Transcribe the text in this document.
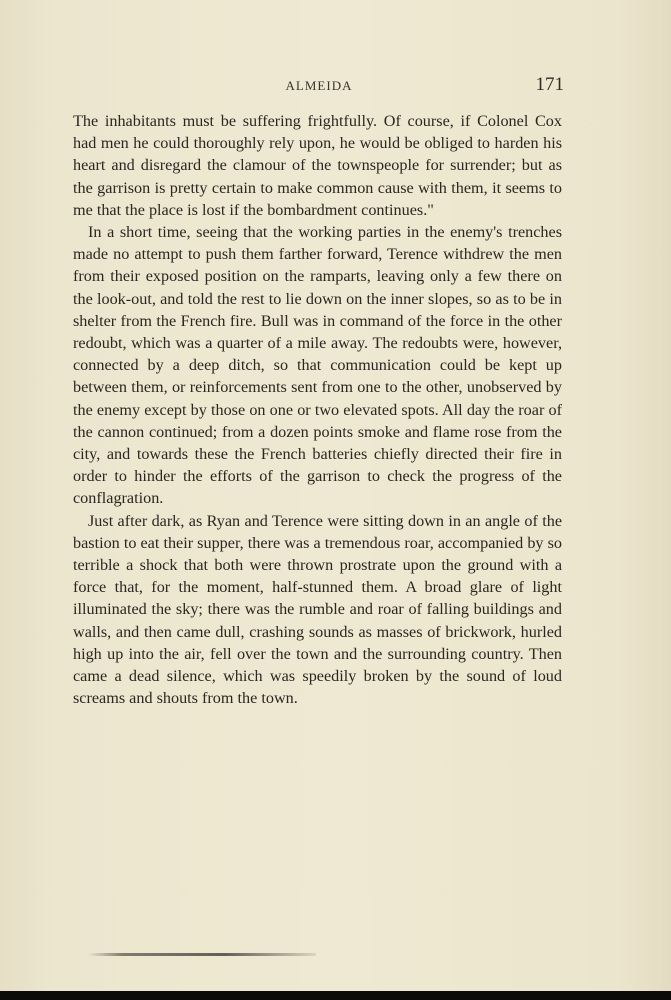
ALMEIDA	171

The inhabitants must be suffering frightfully. Of course, if Colonel Cox had men he could thoroughly rely upon, he would be obliged to harden his heart and disregard the clamour of the townspeople for surrender; but as the garrison is pretty certain to make common cause with them, it seems to me that the place is lost if the bombardment continues."

In a short time, seeing that the working parties in the enemy's trenches made no attempt to push them farther forward, Terence withdrew the men from their exposed position on the ramparts, leaving only a few there on the look-out, and told the rest to lie down on the inner slopes, so as to be in shelter from the French fire. Bull was in command of the force in the other redoubt, which was a quarter of a mile away. The redoubts were, however, connected by a deep ditch, so that communication could be kept up between them, or reinforcements sent from one to the other, unobserved by the enemy except by those on one or two elevated spots. All day the roar of the cannon continued; from a dozen points smoke and flame rose from the city, and towards these the French batteries chiefly directed their fire in order to hinder the efforts of the garrison to check the progress of the conflagration.

Just after dark, as Ryan and Terence were sitting down in an angle of the bastion to eat their supper, there was a tremendous roar, accompanied by so terrible a shock that both were thrown prostrate upon the ground with a force that, for the moment, half-stunned them. A broad glare of light illuminated the sky; there was the rumble and roar of falling buildings and walls, and then came dull, crashing sounds as masses of brickwork, hurled high up into the air, fell over the town and the surrounding country. Then came a dead silence, which was speedily broken by the sound of loud screams and shouts from the town.
